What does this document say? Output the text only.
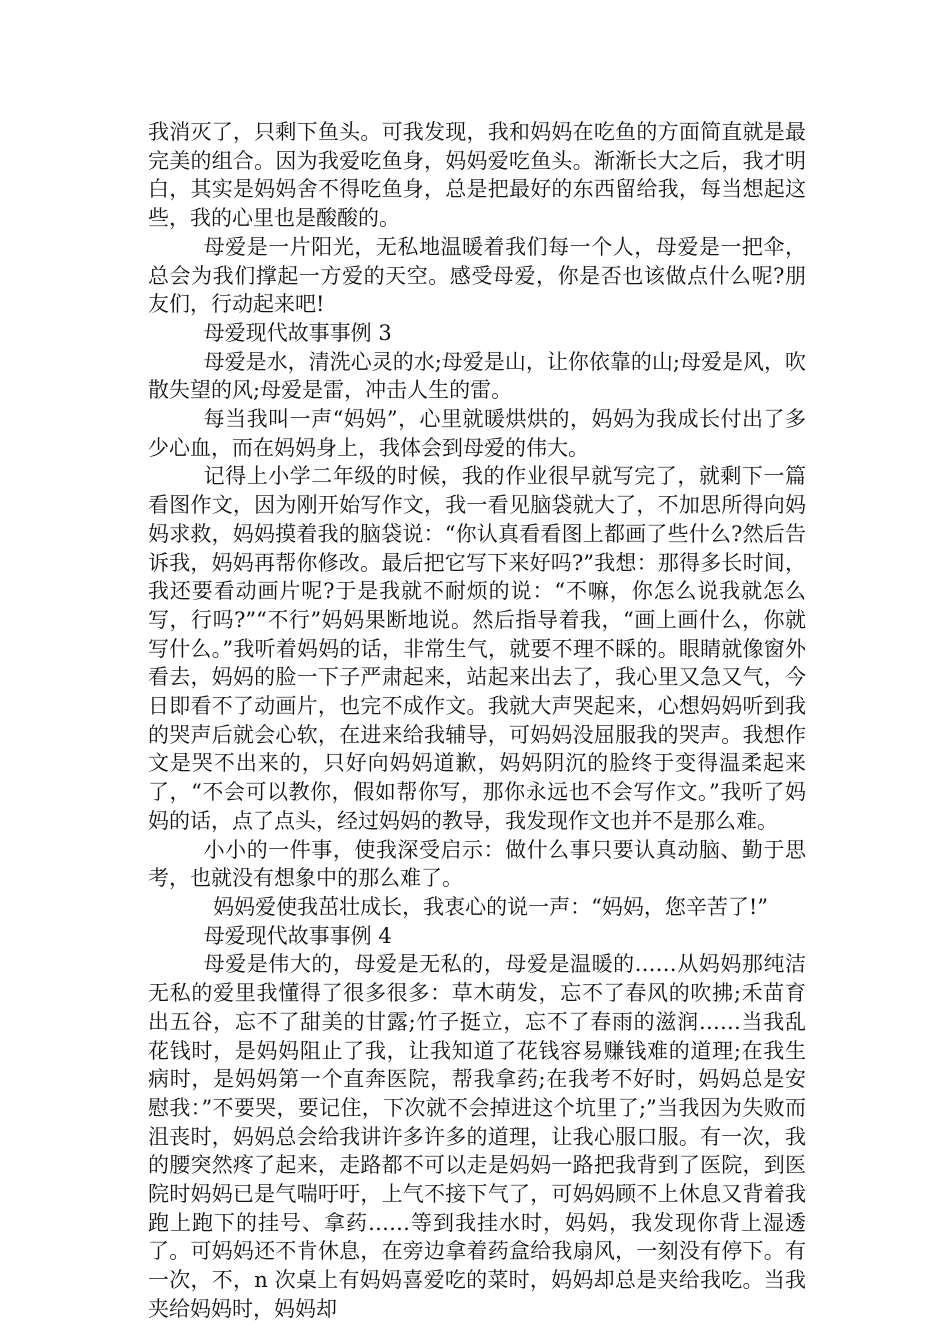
我消灭了，只剩下鱼头。可我发现，我和妈妈在吃鱼的方面简直就是最完美的组合。因为我爱吃鱼身，妈妈爱吃鱼头。渐渐长大之后，我才明白，其实是妈妈舍不得吃鱼身，总是把最好的东西留给我，每当想起这些，我的心里也是酸酸的。

母爱是一片阳光，无私地温暖着我们每一个人，母爱是一把伞，总会为我们撑起一方爱的天空。感受母爱，你是否也该做点什么呢?朋友们，行动起来吧!

母爱现代故事事例 3

母爱是水，清洗心灵的水;母爱是山，让你依靠的山;母爱是风，吹散失望的风;母爱是雷，冲击人生的雷。

每当我叫一声“妈妈”，心里就暖烘烘的，妈妈为我成长付出了多少心血，而在妈妈身上，我体会到母爱的伟大。

记得上小学二年级的时候，我的作业很早就写完了，就剩下一篇看图作文，因为刚开始写作文，我一看见脑袋就大了，不加思所得向妈妈求救，妈妈摸着我的脑袋说：“你认真看看图上都画了些什么?然后告诉我，妈妈再帮你修改。最后把它写下来好吗?”我想：那得多长时间，我还要看动画片呢?于是我就不耐烦的说：“不嘛，你怎么说我就怎么写，行吗?”“不行”妈妈果断地说。然后指导着我，“画上画什么，你就写什么。”我听着妈妈的话，非常生气，就要不理不睬的。眼睛就像窗外看去，妈妈的脸一下子严肃起来，站起来出去了，我心里又急又气，今日即看不了动画片，也完不成作文。我就大声哭起来，心想妈妈听到我的哭声后就会心软，在进来给我辅导，可妈妈没屈服我的哭声。我想作文是哭不出来的，只好向妈妈道歉，妈妈阴沉的脸终于变得温柔起来了，“不会可以教你，假如帮你写，那你永远也不会写作文。”我听了妈妈的话，点了点头，经过妈妈的教导，我发现作文也并不是那么难。

小小的一件事，使我深受启示：做什么事只要认真动脑、勤于思考，也就没有想象中的那么难了。

妈妈爱使我茁壮成长，我衷心的说一声：“妈妈，您辛苦了!”

母爱现代故事事例 4

母爱是伟大的，母爱是无私的，母爱是温暖的……从妈妈那纯洁无私的爱里我懂得了很多很多：草木萌发，忘不了春风的吹拂;禾苗育出五谷，忘不了甜美的甘露;竹子挺立，忘不了春雨的滋润……当我乱花钱时，是妈妈阻止了我，让我知道了花钱容易赚钱难的道理;在我生病时，是妈妈第一个直奔医院，帮我拿药;在我考不好时，妈妈总是安慰我：”不要哭，要记住，下次就不会掉进这个坑里了;”当我因为失败而沮丧时，妈妈总会给我讲许多许多的道理，让我心服口服。有一次，我的腰突然疼了起来，走路都不可以走是妈妈一路把我背到了医院，到医院时妈妈已是气喘吁吁，上气不接下气了，可妈妈顾不上休息又背着我跑上跑下的挂号、拿药……等到我挂水时，妈妈，我发现你背上湿透了。可妈妈还不肯休息，在旁边拿着药盒给我扇风，一刻没有停下。有一次，不，n 次桌上有妈妈喜爱吃的菜时，妈妈却总是夹给我吃。当我夹给妈妈时，妈妈却
